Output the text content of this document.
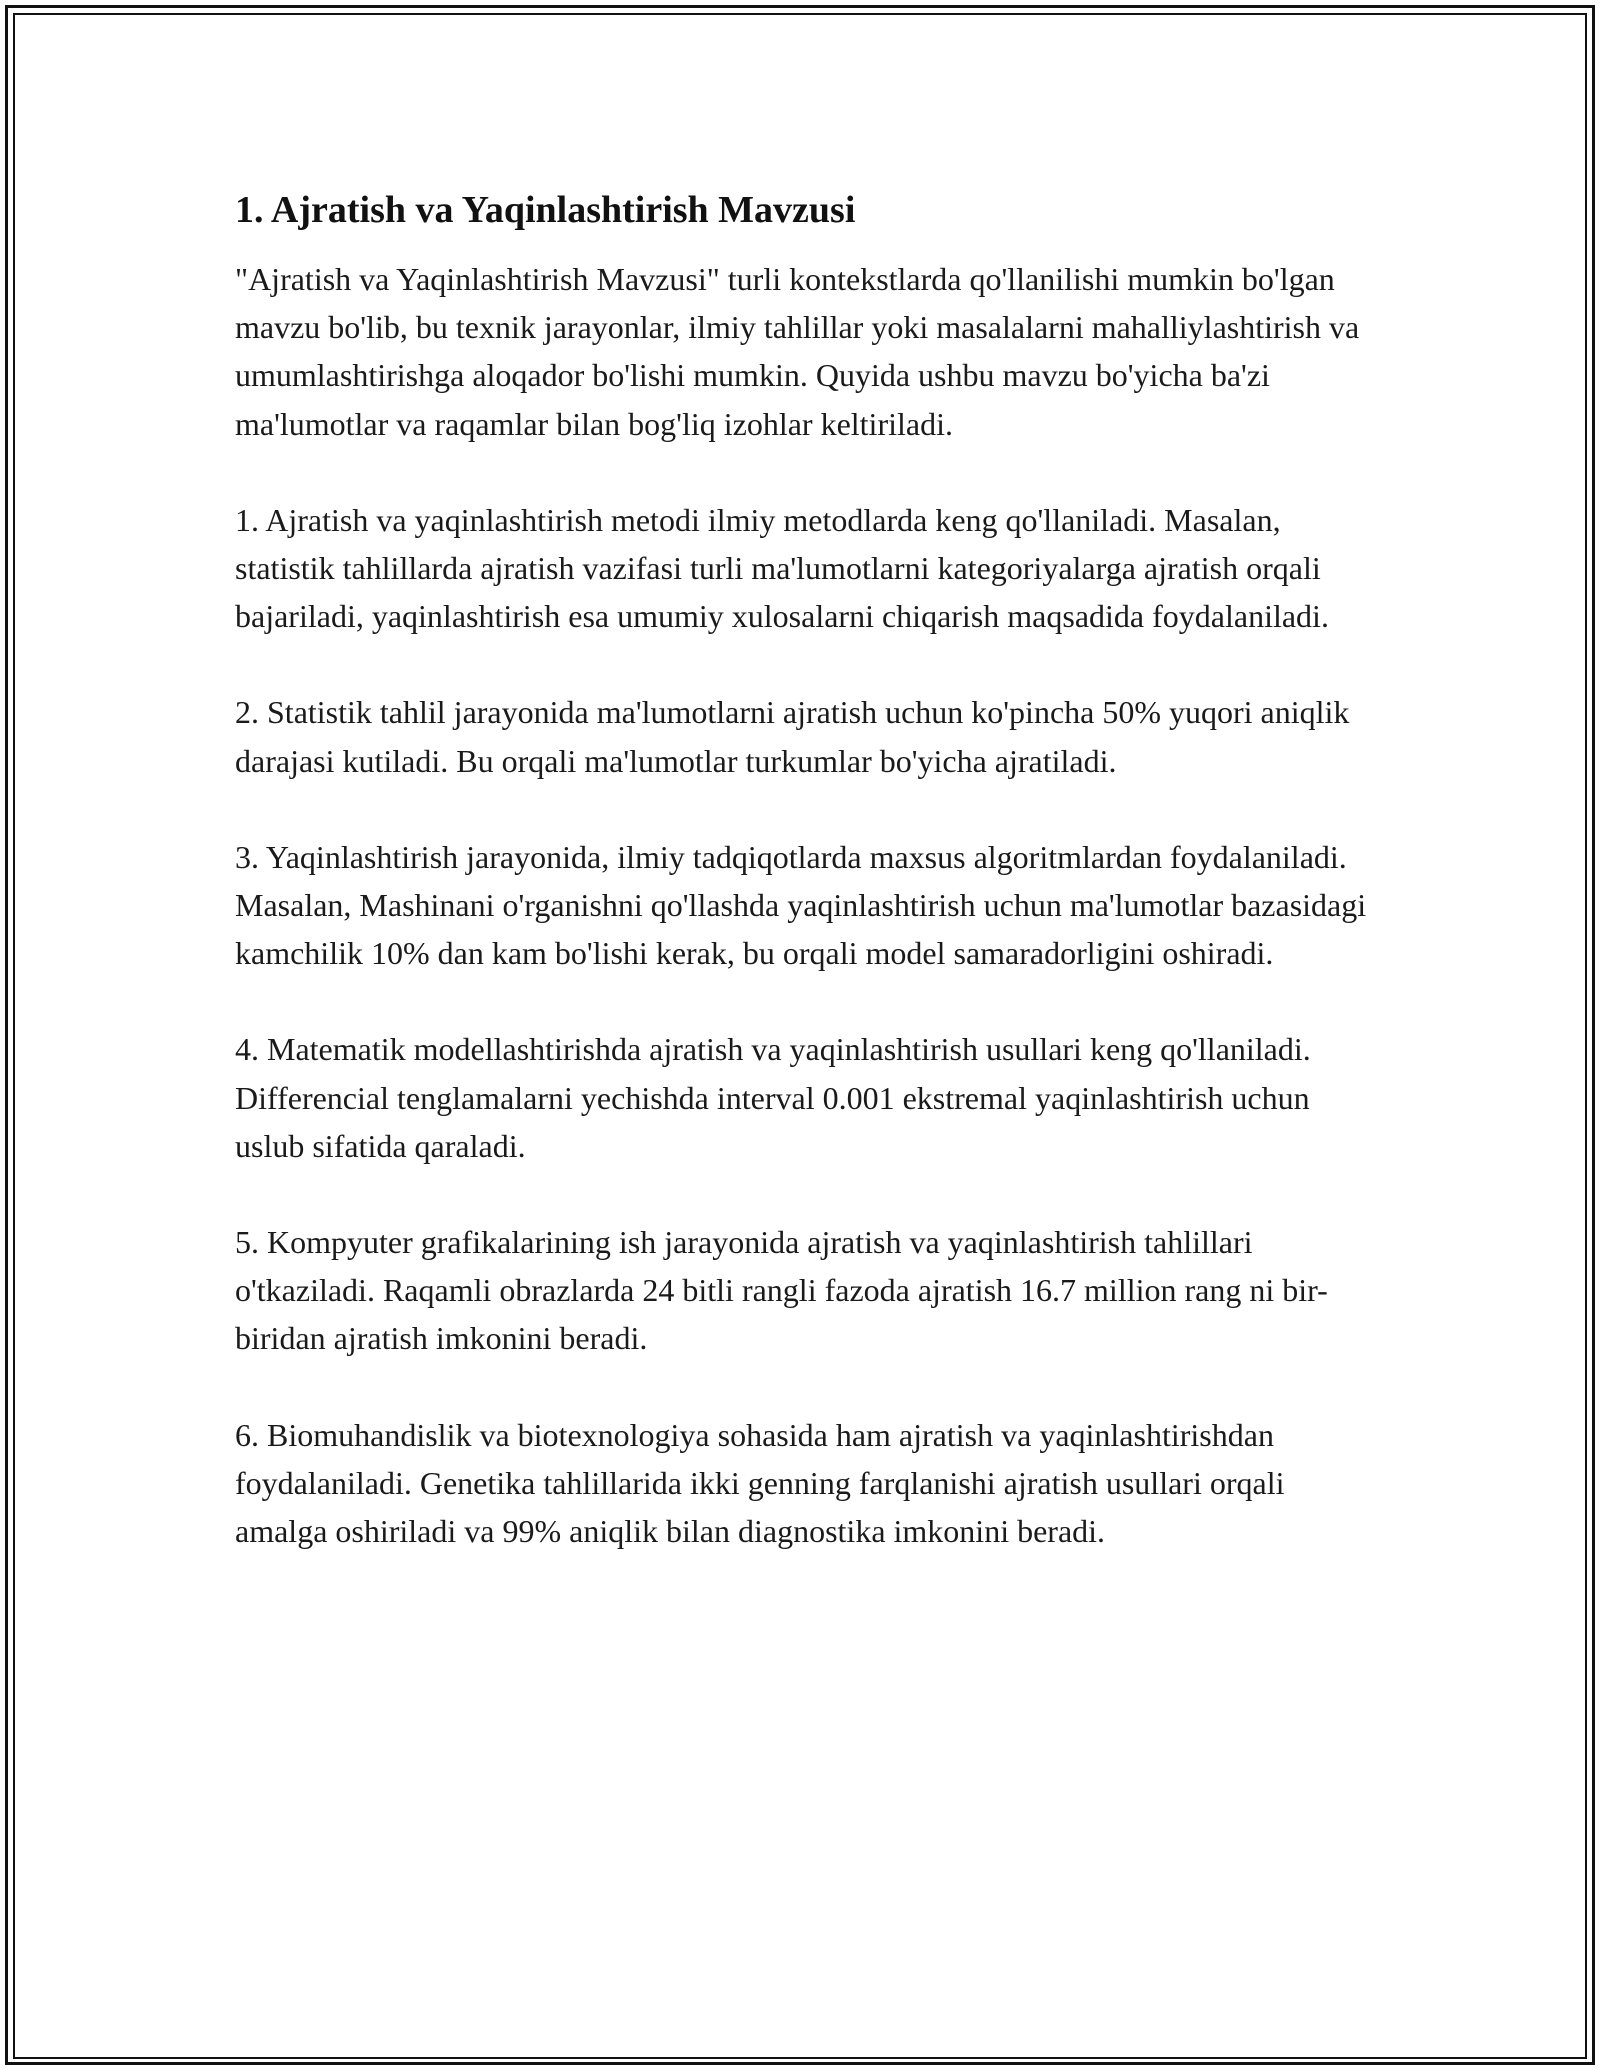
1. Ajratish va Yaqinlashtirish Mavzusi

"Ajratish va Yaqinlashtirish Mavzusi" turli kontekstlarda qo'llanilishi mumkin bo'lgan mavzu bo'lib, bu texnik jarayonlar, ilmiy tahlillar yoki masalalarni mahalliylashtirish va umumlashtirishga aloqador bo'lishi mumkin. Quyida ushbu mavzu bo'yicha ba'zi ma'lumotlar va raqamlar bilan bog'liq izohlar keltiriladi.

1. Ajratish va yaqinlashtirish metodi ilmiy metodlarda keng qo'llaniladi. Masalan, statistik tahlillarda ajratish vazifasi turli ma'lumotlarni kategoriyalarga ajratish orqali bajariladi, yaqinlashtirish esa umumiy xulosalarni chiqarish maqsadida foydalaniladi.

2. Statistik tahlil jarayonida ma'lumotlarni ajratish uchun ko'pincha 50% yuqori aniqlik darajasi kutiladi. Bu orqali ma'lumotlar turkumlar bo'yicha ajratiladi.

3. Yaqinlashtirish jarayonida, ilmiy tadqiqotlarda maxsus algoritmlardan foydalaniladi. Masalan, Mashinani o'rganishni qo'llashda yaqinlashtirish uchun ma'lumotlar bazasidagi kamchilik 10% dan kam bo'lishi kerak, bu orqali model samaradorligini oshiradi.

4. Matematik modellashtirishda ajratish va yaqinlashtirish usullari keng qo'llaniladi. Differencial tenglamalarni yechishda interval 0.001 ekstremal yaqinlashtirish uchun uslub sifatida qaraladi.

5. Kompyuter grafikalarining ish jarayonida ajratish va yaqinlashtirish tahlillari o'tkaziladi. Raqamli obrazlarda 24 bitli rangli fazoda ajratish 16.7 million rang ni bir-biridan ajratish imkonini beradi.

6. Biomuhandislik va biotexnologiya sohasida ham ajratish va yaqinlashtirishdan foydalaniladi. Genetika tahlillarida ikki genning farqlanishi ajratish usullari orqali amalga oshiriladi va 99% aniqlik bilan diagnostika imkonini beradi.
